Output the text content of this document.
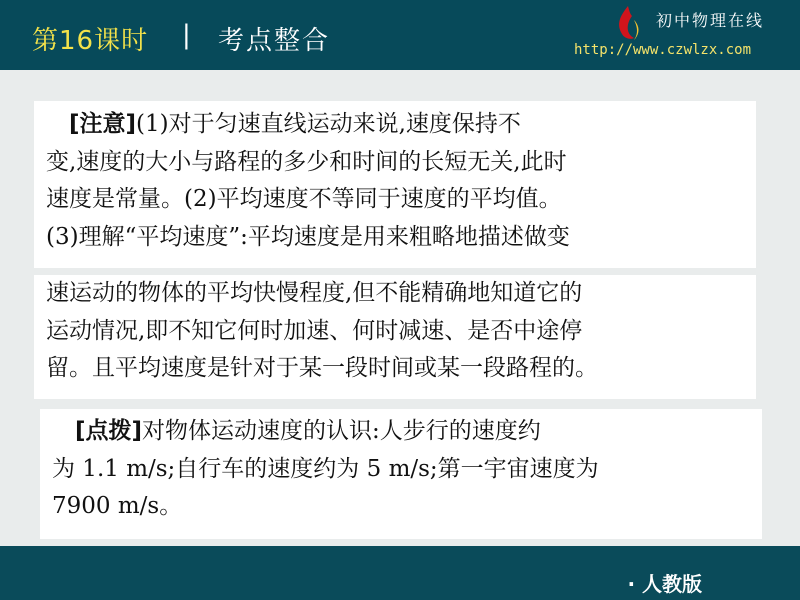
第16课时 | 考点整合
初中物理在线
http://www.czwlzx.com
　[注意](1)对于匀速直线运动来说,速度保持不
变,速度的大小与路程的多少和时间的长短无关,此时
速度是常量。(2)平均速度不等同于速度的平均值。
(3)理解“平均速度”:平均速度是用来粗略地描述做变
速运动的物体的平均快慢程度,但不能精确地知道它的
运动情况,即不知它何时加速、何时减速、是否中途停
留。且平均速度是针对于某一段时间或某一段路程的。
　[点拨]对物体运动速度的认识:人步行的速度约
为 1.1 m/s;自行车的速度约为 5 m/s;第一宇宙速度为
7900 m/s。
· 人教版
